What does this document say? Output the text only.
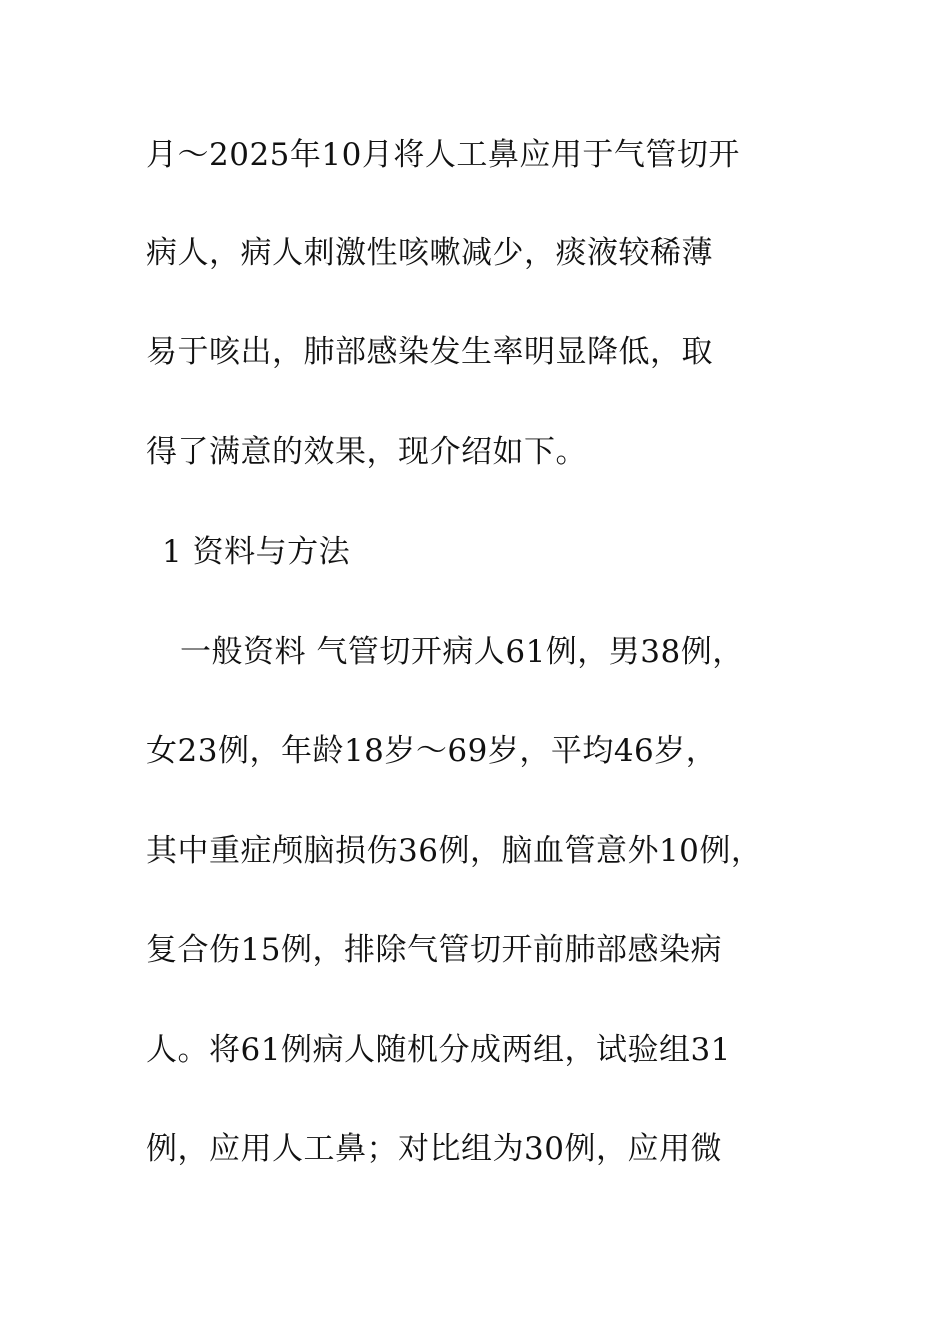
月～2025年10月将人工鼻应用于气管切开
病人，病人刺激性咳嗽减少，痰液较稀薄
易于咳出，肺部感染发生率明显降低，取
得了满意的效果，现介绍如下。
1 资料与方法
一般资料 气管切开病人61例，男38例，
女23例，年龄18岁～69岁，平均46岁，
其中重症颅脑损伤36例，脑血管意外10例，
复合伤15例，排除气管切开前肺部感染病
人。将61例病人随机分成两组，试验组31
例，应用人工鼻；对比组为30例，应用微
